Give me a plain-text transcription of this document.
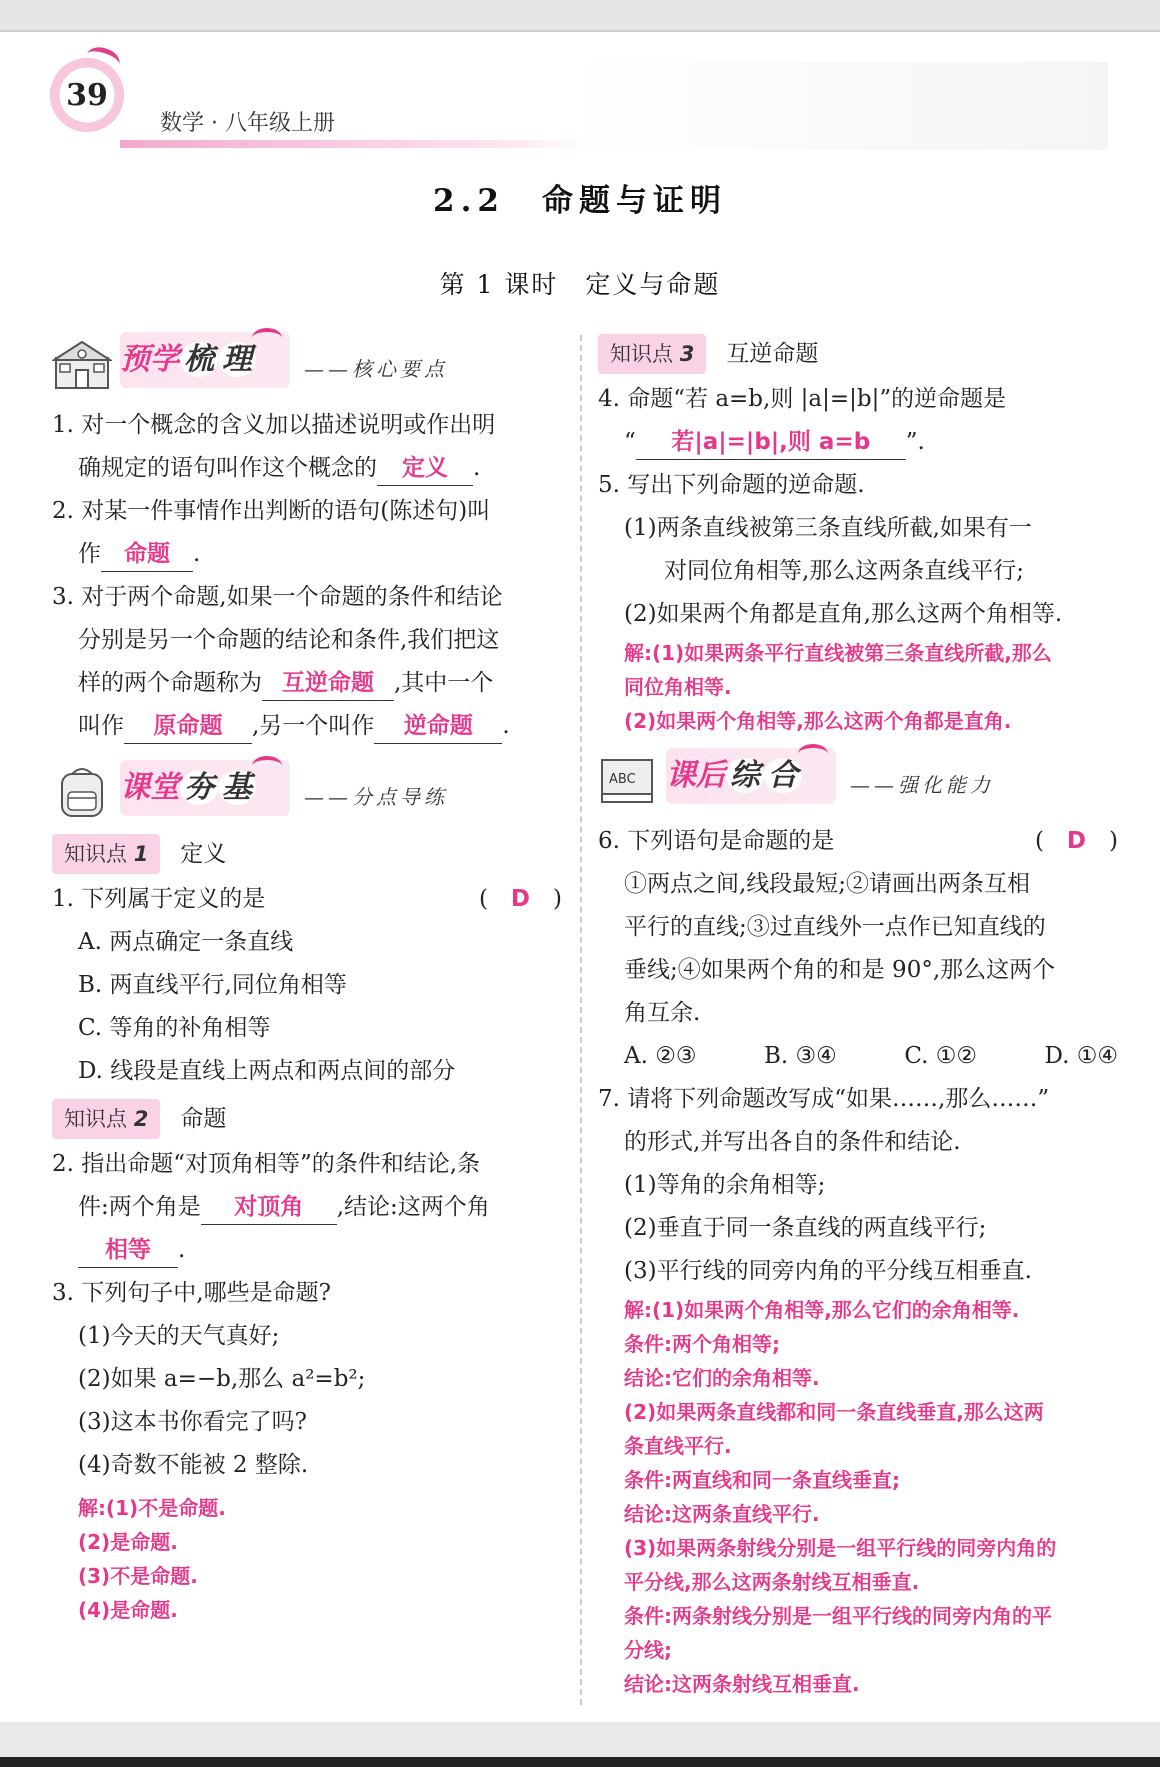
39
数学 · 八年级上册
2.2　命题与证明
第 1 课时　定义与命题
预学 梳 理	——核心要点

1. 对一个概念的含义加以描述说明或作出明

确规定的语句叫作这个概念的 定义 .

2. 对某一件事情作出判断的语句(陈述句)叫

作 命题 .

3. 对于两个命题,如果一个命题的条件和结论

分别是另一个命题的结论和条件,我们把这

样的两个命题称为 互逆命题 ,其中一个

叫作 原命题 ,另一个叫作 逆命题 .

课堂 夯 基	——分点导练
知识点 1 定义

1. 下列属于定义的是	(　D　)

A. 两点确定一条直线

B. 两直线平行,同位角相等

C. 等角的补角相等

D. 线段是直线上两点和两点间的部分

知识点 2 命题

2. 指出命题“对顶角相等”的条件和结论,条

件:两个角是 对顶角 ,结论:这两个角

相等 .

3. 下列句子中,哪些是命题?

(1)今天的天气真好;

(2)如果 a=−b,那么 a²=b²;

(3)这本书你看完了吗?

(4)奇数不能被 2 整除.

解:(1)不是命题.

(2)是命题.

(3)不是命题.

(4)是命题.

知识点 3 互逆命题

4. 命题“若 a=b,则 |a|=|b|”的逆命题是

“ 若|a|=|b|,则 a=b ”.

5. 写出下列命题的逆命题.

(1)两条直线被第三条直线所截,如果有一

对同位角相等,那么这两条直线平行;

(2)如果两个角都是直角,那么这两个角相等.

解:(1)如果两条平行直线被第三条直线所截,那么

同位角相等.

(2)如果两个角相等,那么这两个角都是直角.

ABC 课后 综 合	——强化能力

6. 下列语句是命题的是	(　D　)

①两点之间,线段最短;②请画出两条互相

平行的直线;③过直线外一点作已知直线的

垂线;④如果两个角的和是 90°,那么这两个

角互余.

A. ②③	B. ③④	C. ①②	D. ①④

7. 请将下列命题改写成“如果……,那么……”

的形式,并写出各自的条件和结论.

(1)等角的余角相等;

(2)垂直于同一条直线的两直线平行;

(3)平行线的同旁内角的平分线互相垂直.

解:(1)如果两个角相等,那么它们的余角相等.

条件:两个角相等;

结论:它们的余角相等.

(2)如果两条直线都和同一条直线垂直,那么这两

条直线平行.

条件:两直线和同一条直线垂直;

结论:这两条直线平行.

(3)如果两条射线分别是一组平行线的同旁内角的

平分线,那么这两条射线互相垂直.

条件:两条射线分别是一组平行线的同旁内角的平

分线;

结论:这两条射线互相垂直.
